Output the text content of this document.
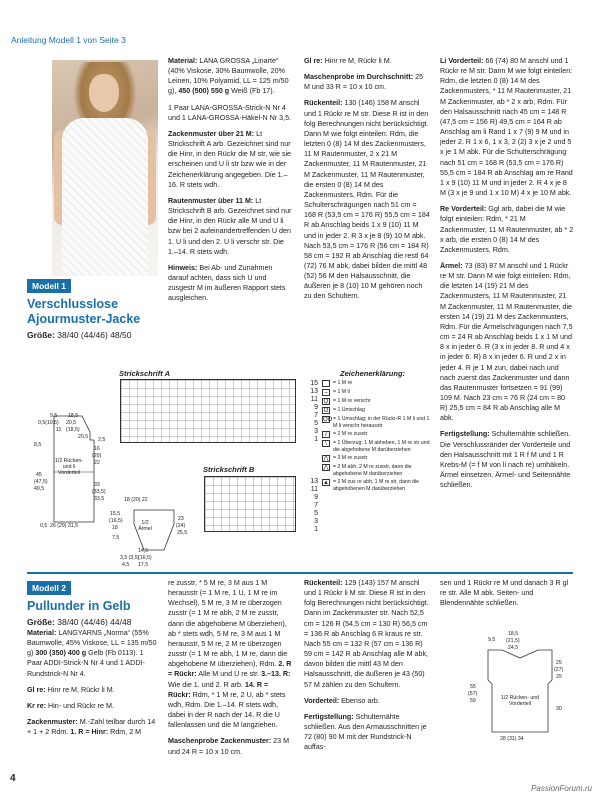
Anleitung Modell 1 von Seite 3
Modell 1
Verschlusslose
Ajourmuster-Jacke
Größe: 38/40 (44/46) 48/50

Material: LANA GROSSA „Linarte“ (40% Viskose, 30% Baumwolle, 20% Leinen, 10% Polyamid, LL = 125 m/50 g), 450 (500) 550 g Weiß (Fb 17).

1 Paar LANA-GROSSA-Strick-N Nr 4 und 1 LANA-GROSSA-Häkel-N Nr 3,5.

Zackenmuster über 21 M: Lt Strickschrift A arb. Gezeichnet sind nur die Hinr, in den Rückr die M str, wie sie erscheinen und U li str bzw wie in der Zeichenerklärung angegeben. Die 1.–16. R stets wdh.

Rautenmuster über 11 M: Lt Strickschrift B arb. Gezeichnet sind nur die Hinr, in den Rückr alle M und U li bzw bei 2 aufeinandertreffenden U den 1. U li und den 2. U li verschr str. Die 1.–14. R stets wdh.

Hinweis: Bei Ab- und Zunahmen darauf achten, dass sich U und zusgestr M im äußeren Rapport stets ausgleichen.

Gl re: Hinr re M, Rückr li M.

Maschenprobe im Durchschnitt: 25 M und 33 R = 10 x 10 cm.

Rückenteil: 130 (146) 158 M anschl und 1 Rückr re M str. Diese R ist in den folg Berechnungen nicht berücksichtigt. Dann M wie folgt einteilen: Rdm, die letzten 0 (8) 14 M des Zackenmusters, 11 M Rautenmuster, 2 x 21 M Zackenmuster, 11 M Rautenmuster, 21 M Zackenmuster, 11 M Rautenmuster, die ersten 0 (8) 14 M des Zackenmusters, Rdm. Für die Schulterschrägungen nach 51 cm = 168 R (53,5 cm = 176 R) 55,5 cm = 184 R ab Anschlag beids 1 x 9 (10) 11 M und in jeder 2. R 3 x je 8 (9) 10 M abk. Nach 53,5 cm = 176 R (56 cm = 184 R) 58 cm = 192 R ab Anschlag die restl 64 (72) 76 M abk, dabei bilden die mittl 48 (52) 56 M den Halsausschnitt, die äußeren je 8 (10) 10 M gehören noch zu den Schultern.

Li Vorderteil: 66 (74) 80 M anschl und 1 Rückr re M str. Dann M wie folgt einteilen: Rdm, die letzten 0 (8) 14 M des Zackenmusters, * 11 M Rautenmuster, 21 M Zackenmuster, ab * 2 x arb, Rdm. Für den Halsausschnitt nach 45 cm = 148 R (47,5 cm = 156 R) 49,5 cm = 164 R ab Anschlag am li Rand 1 x 7 (9) 9 M und in jeder 2. R 1 x 6, 1 x 3, 2 (2) 3 x je 2 und 5 x je 1 M abk. Für die Schulterschrägung nach 51 cm = 168 R (53,5 cm = 176 R) 55,5 cm = 184 R ab Anschlag am re Rand 1 x 9 (10) 11 M und in jeder 2. R 4 x je 8 M (3 x je 9 und 1 x 10 M) 4 x je 10 M abk.

Re Vorderteil: Ggl arb, dabei die M wie folgt einteilen: Rdm, * 21 M Zackenmuster, 11 M Rautenmuster, ab * 2 x arb, die ersten 0 (8) 14 M des Zackenmusters, Rdm.

Ärmel: 73 (83) 87 M anschl und 1 Rückr re M str. Dann M wie folgt einteilen: Rdm, die letzten 14 (19) 21 M des Zackenmusters, 11 M Rautenmuster, 21 M Zackenmuster, 11 M Rautenmuster, die ersten 14 (19) 21 M des Zackenmusters, Rdm. Für die Ärmelschrägungen nach 7,5 cm = 24 R ab Anschlag beids 1 x 1 M und 8 x in jeder 6. R (3 x in jeder 8. R und 4 x in jeder 6. R) 8 x in jeder 6. R und 2 x in jeder 4. R je 1 M zun, dabei nach und nach zuerst das Zackenmuster und dann das Rautenmuster fortsetzen = 91 (99) 109 M. Nach 23 cm = 76 R (24 cm = 80 R) 25,5 cm = 84 R ab Anschlag alle M abk.

Fertigstellung: Schulternähte schließen. Die Verschlussränder der Vorderteile und den Halsausschnitt mit 1 R f M und 1 R Krebs-M (= f M von li nach re) umhäkeln. Ärmel einsetzen. Ärmel- und Seitennähte schließen.

Strickschrift A
15
13
11
9
7
5
3
1
Strickschrift B
13
11
9
7
5
3
1
Zeichenerklärung:
= 1 M re
–	= 1 M li
Q = 1 M re verschr
O = 1 Umschlag
OO = 1 Umschlag; in der Rückr-R 1 M li und 1 M li verschr herausstr
/	= 2 M re zusstr
\	= 1 Überzug: 1 M abheben, 1 M re str und die abgehobene M darüberziehen
⋀ = 3 M re zusstr
⋀ = 2 M abh, 2 M re zusstr, dann die abgehobene M darüberziehen
▲ = 2 M zus re abh, 1 M re str, dann die abgehobenen M darüberziehen
1/2 Rücken- und li Vorderteil
9,5
0,5(10,5)
11
18,5
20,5
(18,5)
20,5
8,5
2,5
45
(47,5)
49,5
16
(20)
22
33
(33,5)
33,5
26 (29) 31,5
0,5	1/2 Ärmel
18 (20) 22
15,5
(16,5)
18
23
(24)
25,5
7,5
14,5
(16,5)
17,5
3,5 (3,5)
4,5
Modell 2
Pullunder in Gelb
Größe: 38/40 (44/46) 44/48

Material: LANGYARNS „Norma“ (55% Baumwolle, 45% Viskose, LL = 135 m/50 g) 300 (350) 400 g Gelb (Fb 0113). 1 Paar ADDI-Strick-N Nr 4 und 1 ADDI-Rundstrick-N Nr 4.

Gl re: Hinr re M, Rückr li M.

Kr re: Hin- und Rückr re M.

Zackenmuster: M.-Zahl teilbar durch 14 + 1 + 2 Rdm. 1. R = Hinr: Rdm, 2 M

re zusstr, * 5 M re, 3 M aus 1 M herausstr (= 1 M re, 1 U, 1 M re im Wechsel), 5 M re, 3 M re überzogen zusstr (= 1 M re abh, 2 M re zusstr, dann die abgehobene M überziehen), ab * stets wdh, 5 M re, 3 M aus 1 M herausstr, 5 M re, 2 M re überzogen zusstr (= 1 M re abh, 1 M re, dann die abgehobene M überziehen), Rdm. 2. R = Rückr: Alle M und U re str. 3.–13. R: Wie die 1. und 2. R arb. 14. R = Rückr: Rdm, * 1 M re, 2 U, ab * stets wdh, Rdm. Die 1.–14. R stets wdh, dabei in der R nach der 14. R die U fallenlassen und die M langziehen.

Maschenprobe Zackenmuster: 23 M und 24 R = 10 x 10 cm.

Rückenteil: 129 (143) 157 M anschl und 1 Rückr li M str. Diese R ist in den folg Berechnungen nicht berücksichtigt. Dann im Zackenmuster str. Nach 52,5 cm = 126 R (54,5 cm = 130 R) 56,5 cm = 136 R ab Anschlag 6 R kraus re str. Nach 55 cm = 132 R (57 cm = 136 R) 59 cm = 142 R ab Anschlag alle M abk, davon bilden die mittl 43 M den Halsausschnitt, die äußeren je 43 (50) 57 M zählen zu den Schultern.

Vorderteil: Ebenso arb.

Fertigstellung: Schulternähte schließen. Aus den Armausschnitten je 72 (80) 90 M mit der Rundstrick-N auffas-

sen und 1 Rückr re M und danach 3 R gl re str. Alle M abk. Seiten- und Blendennähte schließen.

1/2 Rücken- und Vorderteil
9,5
18,5
(21,5)
24,5
25
(27)
29
55
(57)
59
30
28 (31) 34
4
PassionForum.ru
